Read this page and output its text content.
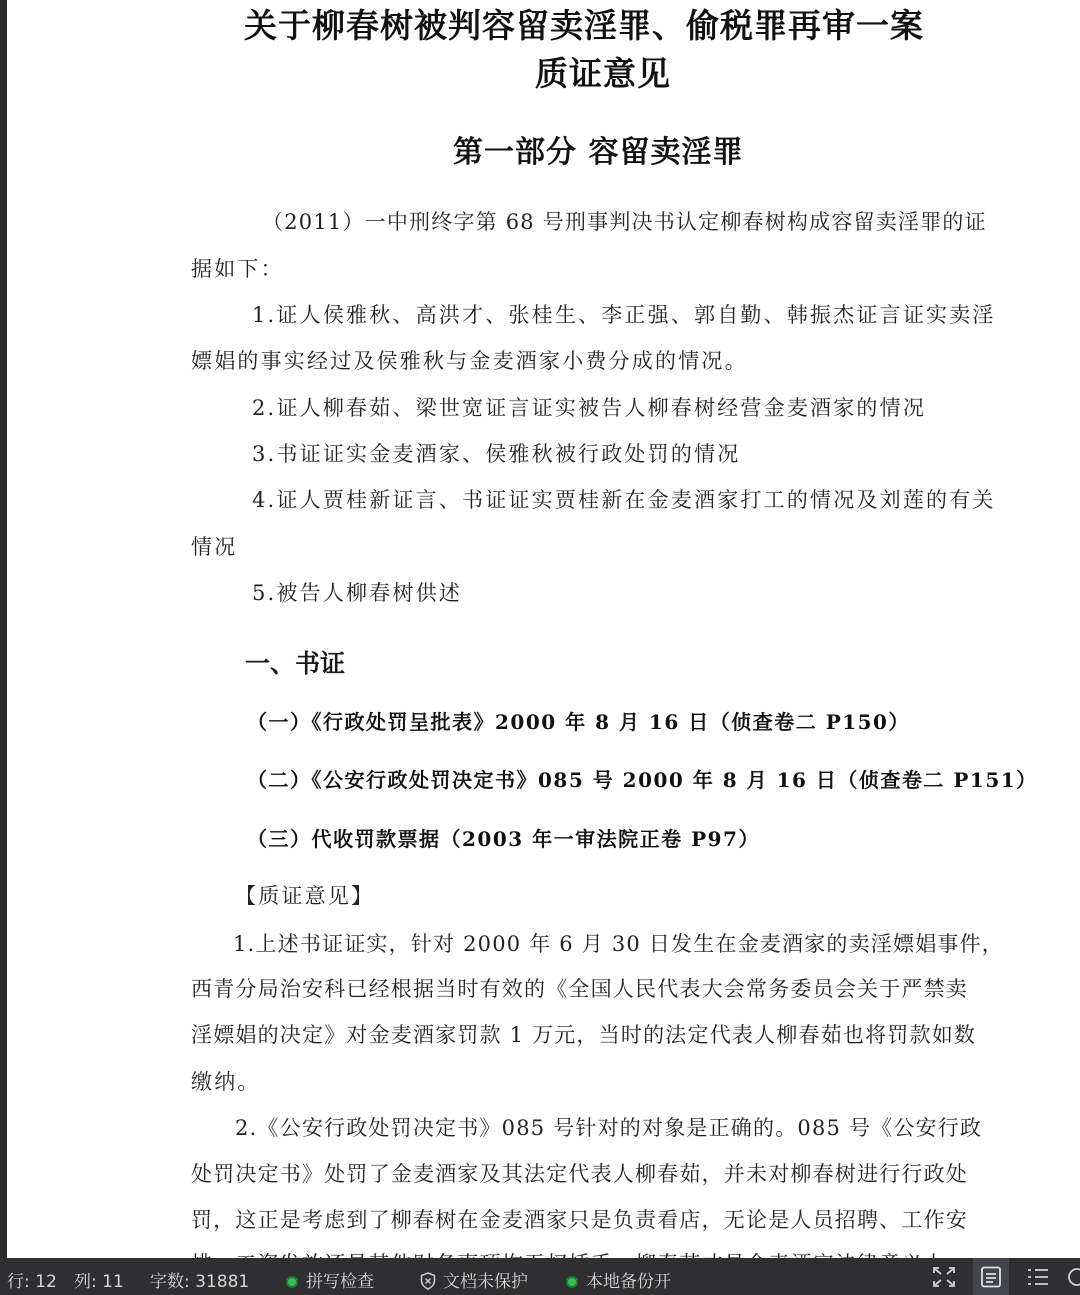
关于柳春树被判容留卖淫罪、偷税罪再审一案
质证意见
第一部分 容留卖淫罪
（2011）一中刑终字第 68 号刑事判决书认定柳春树构成容留卖淫罪的证
据如下：
1.证人侯雅秋、高洪才、张桂生、李正强、郭自勤、韩振杰证言证实卖淫
嫖娼的事实经过及侯雅秋与金麦酒家小费分成的情况。
2.证人柳春茹、梁世宽证言证实被告人柳春树经营金麦酒家的情况
3.书证证实金麦酒家、侯雅秋被行政处罚的情况
4.证人贾桂新证言、书证证实贾桂新在金麦酒家打工的情况及刘莲的有关
情况
5.被告人柳春树供述
一、书证
（一）《行政处罚呈批表》2000 年 8 月 16 日（侦查卷二 P150）
（二）《公安行政处罚决定书》085 号 2000 年 8 月 16 日（侦查卷二 P151）
（三）代收罚款票据（2003 年一审法院正卷 P97）
【质证意见】
1.上述书证证实，针对 2000 年 6 月 30 日发生在金麦酒家的卖淫嫖娼事件，
西青分局治安科已经根据当时有效的《全国人民代表大会常务委员会关于严禁卖
淫嫖娼的决定》对金麦酒家罚款 1 万元，当时的法定代表人柳春茹也将罚款如数
缴纳。
2.《公安行政处罚决定书》085 号针对的对象是正确的。085 号《公安行政
处罚决定书》处罚了金麦酒家及其法定代表人柳春茹，并未对柳春树进行行政处
罚，这正是考虑到了柳春树在金麦酒家只是负责看店，无论是人员招聘、工作安
行: 12 列: 11 字数: 31881	拼写检查	文档未保护	本地备份开
